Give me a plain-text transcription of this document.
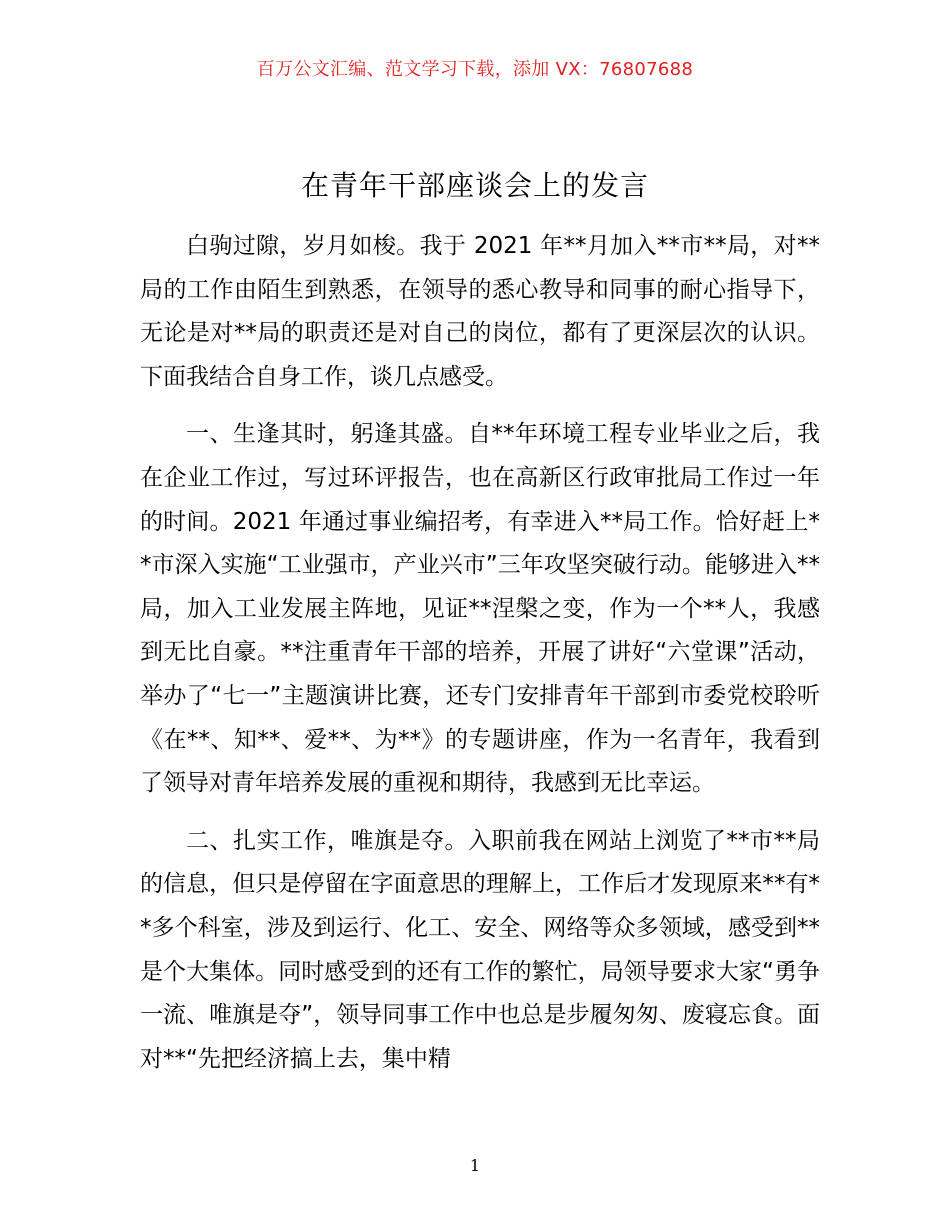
百万公文汇编、范文学习下载，添加 VX：76807688
在青年干部座谈会上的发言

白驹过隙，岁月如梭。我于 2021 年**月加入**市**局，对**局的工作由陌生到熟悉，在领导的悉心教导和同事的耐心指导下，无论是对**局的职责还是对自己的岗位，都有了更深层次的认识。下面我结合自身工作，谈几点感受。

一、生逢其时，躬逢其盛。自**年环境工程专业毕业之后，我在企业工作过，写过环评报告，也在高新区行政审批局工作过一年的时间。2021 年通过事业编招考，有幸进入**局工作。恰好赶上**市深入实施“工业强市，产业兴市”三年攻坚突破行动。能够进入**局，加入工业发展主阵地，见证**涅槃之变，作为一个**人，我感到无比自豪。**注重青年干部的培养，开展了讲好“六堂课”活动，举办了“七一”主题演讲比赛，还专门安排青年干部到市委党校聆听《在**、知**、爱**、为**》的专题讲座，作为一名青年，我看到了领导对青年培养发展的重视和期待，我感到无比幸运。

二、扎实工作，唯旗是夺。入职前我在网站上浏览了**市**局的信息，但只是停留在字面意思的理解上，工作后才发现原来**有**多个科室，涉及到运行、化工、安全、网络等众多领域，感受到**是个大集体。同时感受到的还有工作的繁忙，局领导要求大家“勇争一流、唯旗是夺”，领导同事工作中也总是步履匆匆、废寝忘食。面对**“先把经济搞上去，集中精

1
